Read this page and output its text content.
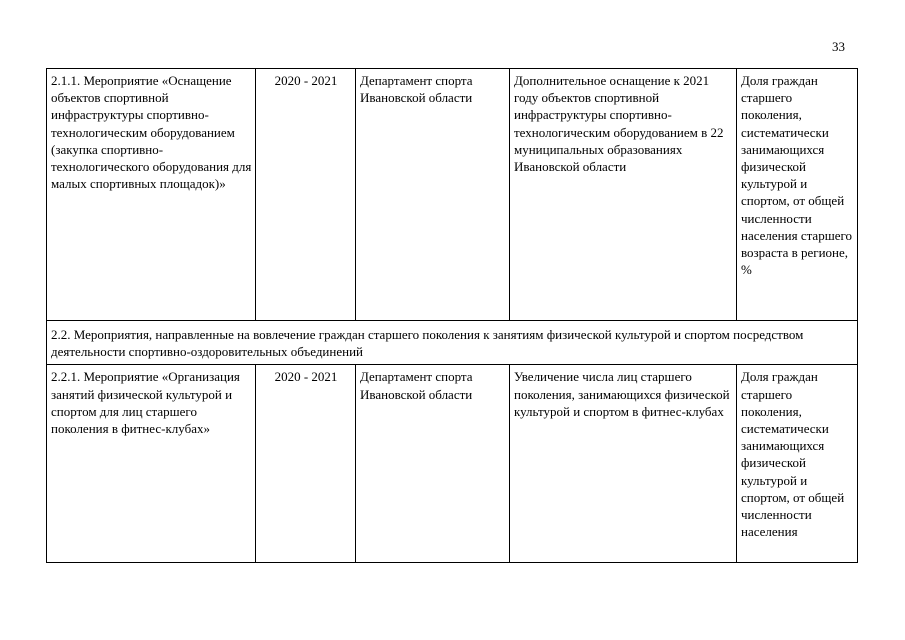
33
2.1.1. Мероприятие «Оснащение объектов спортивной инфраструктуры спортивно-технологическим оборудованием (закупка спортивно-технологического оборудования для малых спортивных площадок)»	2020 - 2021	Департамент спорта Ивановской области	Дополнительное оснащение к 2021 году объектов спортивной инфраструктуры спортивно-технологическим оборудованием в 22 муниципальных образованиях Ивановской области	Доля граждан старшего поколения, систематически занимающихся физической культурой и спортом, от общей численности населения старшего возраста в регионе, %
2.2. Мероприятия, направленные на вовлечение граждан старшего поколения к занятиям физической культурой и спортом посредством деятельности спортивно-оздоровительных объединений				
2.2.1. Мероприятие «Организация занятий физической культурой и спортом для лиц старшего поколения в фитнес-клубах»	2020 - 2021	Департамент спорта Ивановской области	Увеличение числа лиц старшего поколения, занимающихся физической культурой и спортом в фитнес-клубах	Доля граждан старшего поколения, систематически занимающихся физической культурой и спортом, от общей численности населения
